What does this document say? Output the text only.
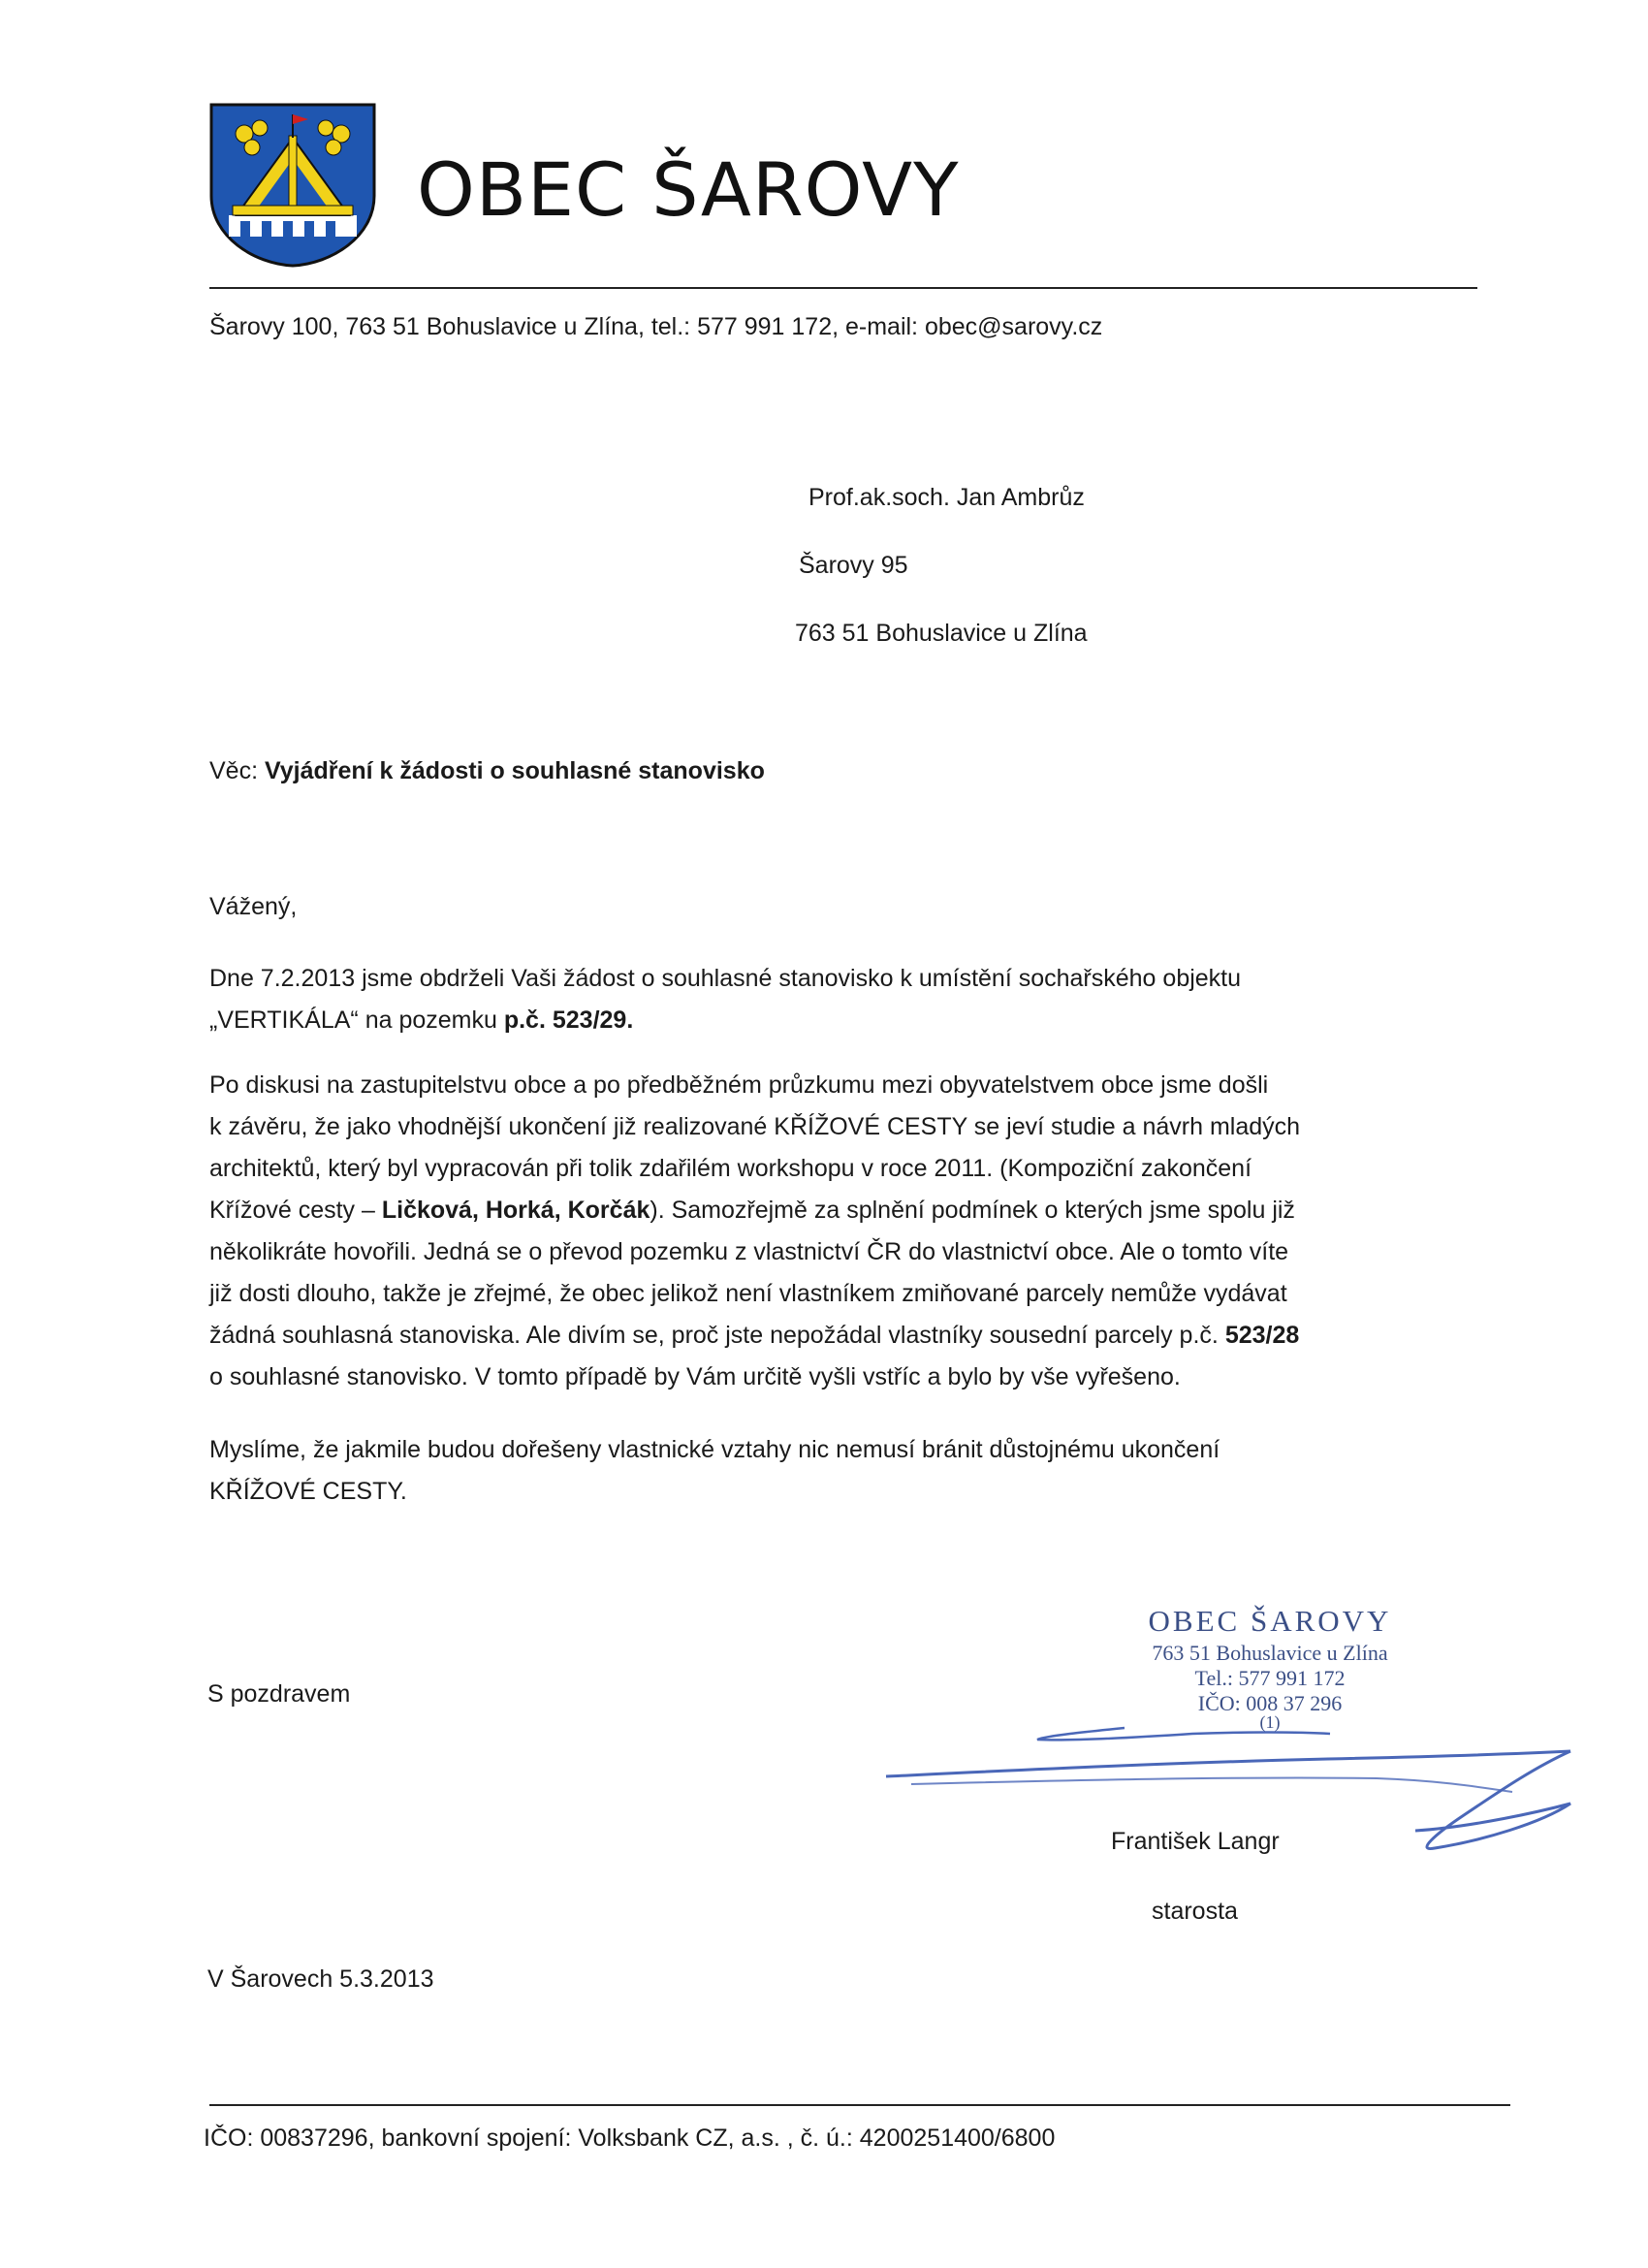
OBEC ŠAROVY
Šarovy 100, 763 51 Bohuslavice u Zlína, tel.: 577 991 172, e-mail: obec@sarovy.cz
Prof.ak.soch. Jan Ambrůz
Šarovy 95
763 51 Bohuslavice u Zlína
Věc: Vyjádření k žádosti o souhlasné stanovisko
Vážený,
Dne 7.2.2013 jsme obdrželi Vaši žádost o souhlasné stanovisko k umístění sochařského objektu
„VERTIKÁLA“ na pozemku p.č. 523/29.
Po diskusi na zastupitelstvu obce a po předběžném průzkumu mezi obyvatelstvem obce jsme došli
k závěru, že jako vhodnější ukončení již realizované KŘÍŽOVÉ CESTY se jeví studie a návrh mladých
architektů, který byl vypracován při tolik zdařilém workshopu v roce 2011. (Kompoziční zakončení
Křížové cesty – Ličková, Horká, Korčák). Samozřejmě za splnění podmínek o kterých jsme spolu již
několikráte hovořili. Jedná se o převod pozemku z vlastnictví ČR do vlastnictví obce. Ale o tomto víte
již dosti dlouho, takže je zřejmé, že obec jelikož není vlastníkem zmiňované parcely nemůže vydávat
žádná souhlasná stanoviska. Ale divím se, proč jste nepožádal vlastníky sousední parcely p.č. 523/28
o souhlasné stanovisko. V tomto případě by Vám určitě vyšli vstříc a bylo by vše vyřešeno.
Myslíme, že jakmile budou dořešeny vlastnické vztahy nic nemusí bránit důstojnému ukončení
KŘÍŽOVÉ CESTY.
S pozdravem
OBEC ŠAROVY
763 51 Bohuslavice u Zlína
Tel.: 577 991 172
IČO: 008 37 296
(1)
František Langr
starosta
V Šarovech 5.3.2013
IČO: 00837296, bankovní spojení: Volksbank CZ, a.s. , č. ú.: 4200251400/6800
